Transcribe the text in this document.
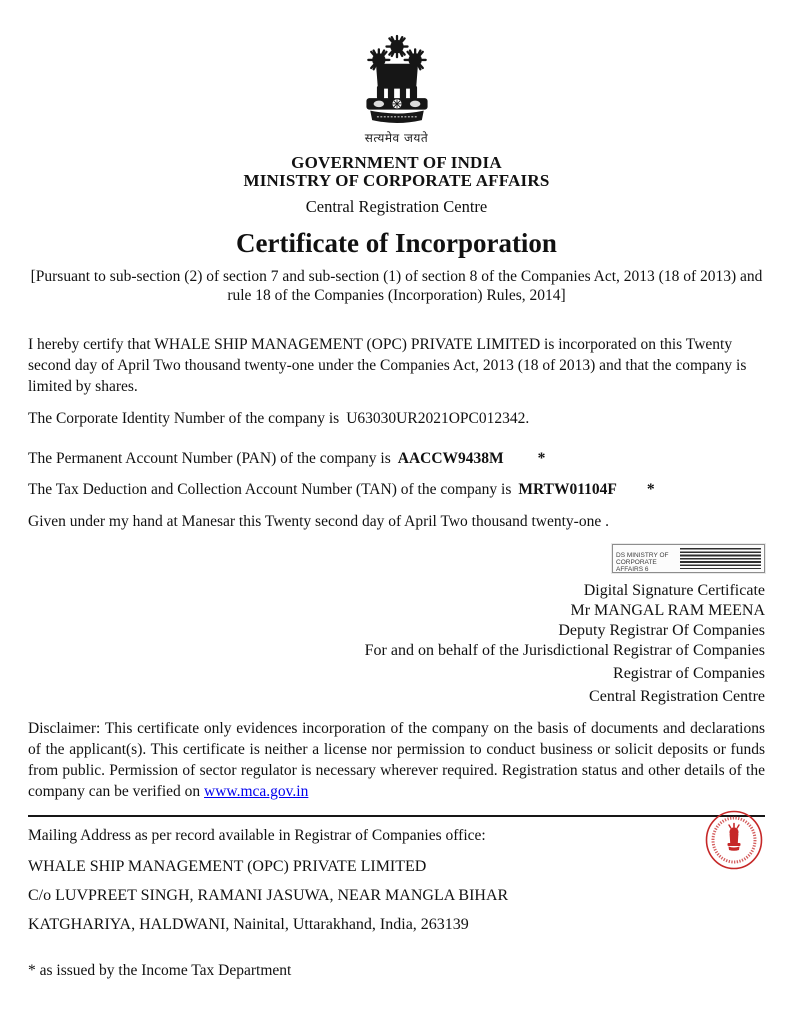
सत्यमेव जयते
GOVERNMENT OF INDIA
MINISTRY OF CORPORATE AFFAIRS
Central Registration Centre
Certificate of Incorporation
[Pursuant to sub-section (2) of section 7 and sub-section (1) of section 8 of the Companies Act, 2013 (18 of 2013) and rule 18 of the Companies (Incorporation) Rules, 2014]
I hereby certify that WHALE SHIP MANAGEMENT (OPC) PRIVATE LIMITED is incorporated on this Twenty second day of April Two thousand twenty-one under the Companies Act, 2013 (18 of 2013) and that the company is limited by shares.
The Corporate Identity Number of the company is U63030UR2021OPC012342.
The Permanent Account Number (PAN) of the company is AACCW9438M *
The Tax Deduction and Collection Account Number (TAN) of the company is MRTW01104F *
Given under my hand at Manesar this Twenty second day of April Two thousand twenty-one .
DS MINISTRY OF CORPORATE AFFAIRS 6
Digital Signature Certificate
Mr MANGAL RAM MEENA
Deputy Registrar Of Companies
For and on behalf of the Jurisdictional Registrar of Companies
Registrar of Companies
Central Registration Centre
Disclaimer: This certificate only evidences incorporation of the company on the basis of documents and declarations of the applicant(s). This certificate is neither a license nor permission to conduct business or solicit deposits or funds from public. Permission of sector regulator is necessary wherever required. Registration status and other details of the company can be verified on www.mca.gov.in
Mailing Address as per record available in Registrar of Companies office:
WHALE SHIP MANAGEMENT (OPC) PRIVATE LIMITED
C/o LUVPREET SINGH, RAMANI JASUWA, NEAR MANGLA BIHAR
KATGHARIYA, HALDWANI, Nainital, Uttarakhand, India, 263139
* as issued by the Income Tax Department
